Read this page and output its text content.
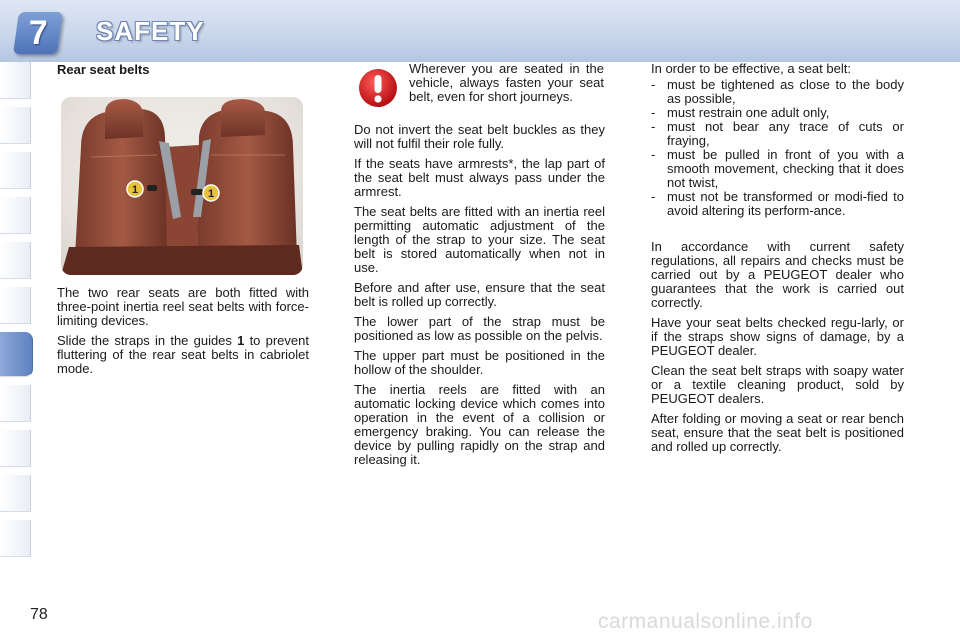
7 SAFETY
Rear seat belts
1	1

The two rear seats are both fitted with three-point inertia reel seat belts with force-limiting devices.

Slide the straps in the guides 1 to prevent fluttering of the rear seat belts in cabriolet mode.

Wherever you are seated in the vehicle, always fasten your seat belt, even for short journeys.

Do not invert the seat belt buckles as they will not fulfil their role fully.

If the seats have armrests*, the lap part of the seat belt must always pass under the armrest.

The seat belts are fitted with an inertia reel permitting automatic adjustment of the length of the strap to your size. The seat belt is stored automatically when not in use.

Before and after use, ensure that the seat belt is rolled up correctly.

The lower part of the strap must be positioned as low as possible on the pelvis.

The upper part must be positioned in the hollow of the shoulder.

The inertia reels are fitted with an automatic locking device which comes into operation in the event of a collision or emergency braking. You can release the device by pulling rapidly on the strap and releasing it.

In order to be effective, a seat belt:

- must be tightened as close to the body as possible,
- must restrain one adult only,
- must not bear any trace of cuts or fraying,
- must be pulled in front of you with a smooth movement, checking that it does not twist,
- must not be transformed or modi-fied to avoid altering its perform-ance.

In accordance with current safety regulations, all repairs and checks must be carried out by a PEUGEOT dealer who guarantees that the work is carried out correctly.

Have your seat belts checked regu-larly, or if the straps show signs of damage, by a PEUGEOT dealer.

Clean the seat belt straps with soapy water or a textile cleaning product, sold by PEUGEOT dealers.

After folding or moving a seat or rear bench seat, ensure that the seat belt is positioned and rolled up correctly.

78	carmanualsonline.info
